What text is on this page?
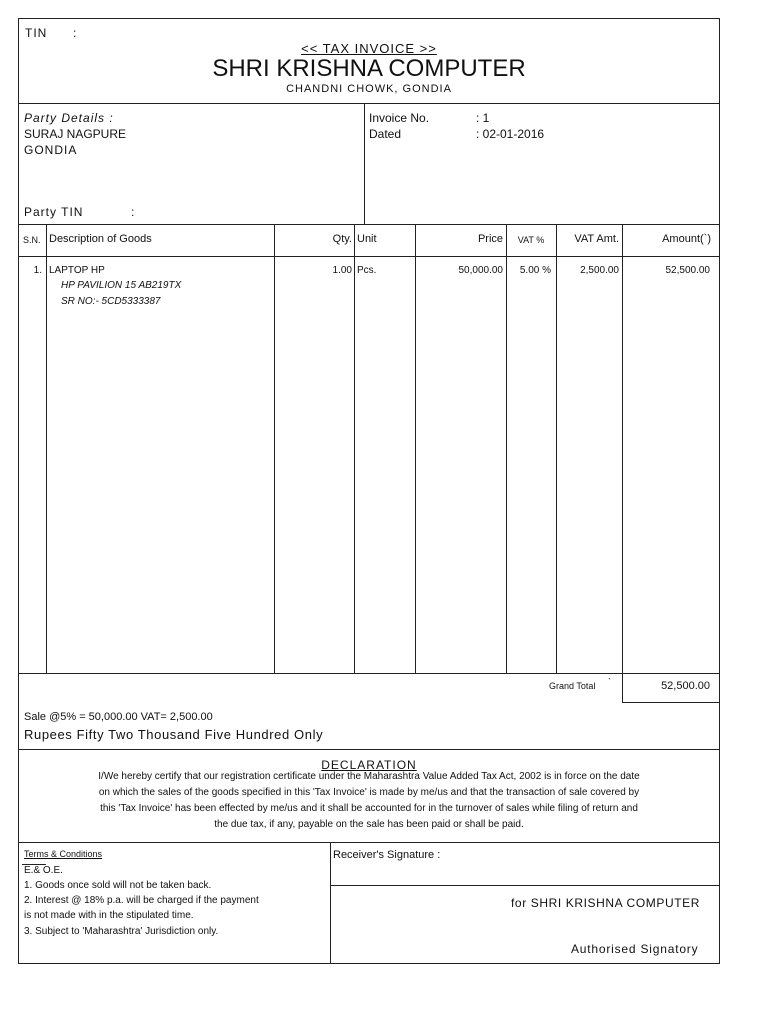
TIN :
<< TAX INVOICE >>
SHRI KRISHNA COMPUTER
CHANDNI CHOWK, GONDIA
Party Details :
SURAJ NAGPURE
GONDIA
Party TIN	:
Invoice No.	: 1
Dated	: 02-01-2016
S.N. Description of Goods	Qty. Unit	Price	VAT %	VAT Amt.	Amount(`)
1. LAPTOP HP
HP PAVILION 15 AB219TX
SR NO:- 5CD5333387
1.00 Pcs.	50,000.00	5.00 %	2,500.00	52,500.00
Grand Total `	52,500.00
Sale @5% = 50,000.00 VAT= 2,500.00
Rupees Fifty Two Thousand Five Hundred Only
DECLARATION
I/We hereby certify that our registration certificate under the Maharashtra Value Added Tax Act, 2002 is in force on the date
on which the sales of the goods specified in this 'Tax Invoice' is made by me/us and that the transaction of sale covered by
this 'Tax Invoice' has been effected by me/us and it shall be accounted for in the turnover of sales while filing of return and
the due tax, if any, payable on the sale has been paid or shall be paid.
Terms & Conditions
E.& O.E.
1. Goods once sold will not be taken back.
2. Interest @ 18% p.a. will be charged if the payment
is not made with in the stipulated time.
3. Subject to 'Maharashtra' Jurisdiction only.
Receiver's Signature :
for SHRI KRISHNA COMPUTER
Authorised Signatory
